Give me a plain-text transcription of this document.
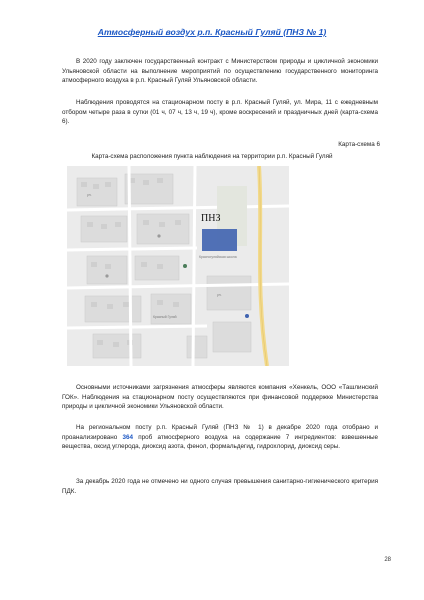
Атмосферный воздух р.п. Красный Гуляй (ПНЗ № 1)

В 2020 году заключен государственный контракт с Министерством природы и цикличной экономики Ульяновской области на выполнение мероприятий по осуществлению государственного мониторинга атмосферного воздуха в р.п. Красный Гуляй Ульяновской области.

Наблюдения проводятся на стационарном посту в р.п. Красный Гуляй, ул. Мира, 11 с ежедневным отбором четыре раза в сутки (01 ч, 07 ч, 13 ч, 19 ч), кроме воскресений и праздничных дней (карта-схема 6).

Карта-схема 6
Карта-схема расположения пункта наблюдения на территории р.п. Красный Гуляй
Красногуляйская школа
Красный Гуляй
ул.
ул.
ПНЗ

Основными источниками загрязнения атмосферы являются компания «Хенкель, ООО «Ташлинский ГОК». Наблюдения на стационарном посту осуществляются при финансовой поддержке Министерства природы и цикличной экономики Ульяновской области.

На региональном посту р.п. Красный Гуляй (ПНЗ № 1) в декабре 2020 года отобрано и проанализировано 364 проб атмосферного воздуха на содержание 7 ингредиентов: взвешенные вещества, оксид углерода, диоксид азота, фенол, формальдегид, гидрохлорид, диоксид серы.

За декабрь 2020 года не отмечено ни одного случая превышения санитарно-гигиенического критерия ПДК.

28
